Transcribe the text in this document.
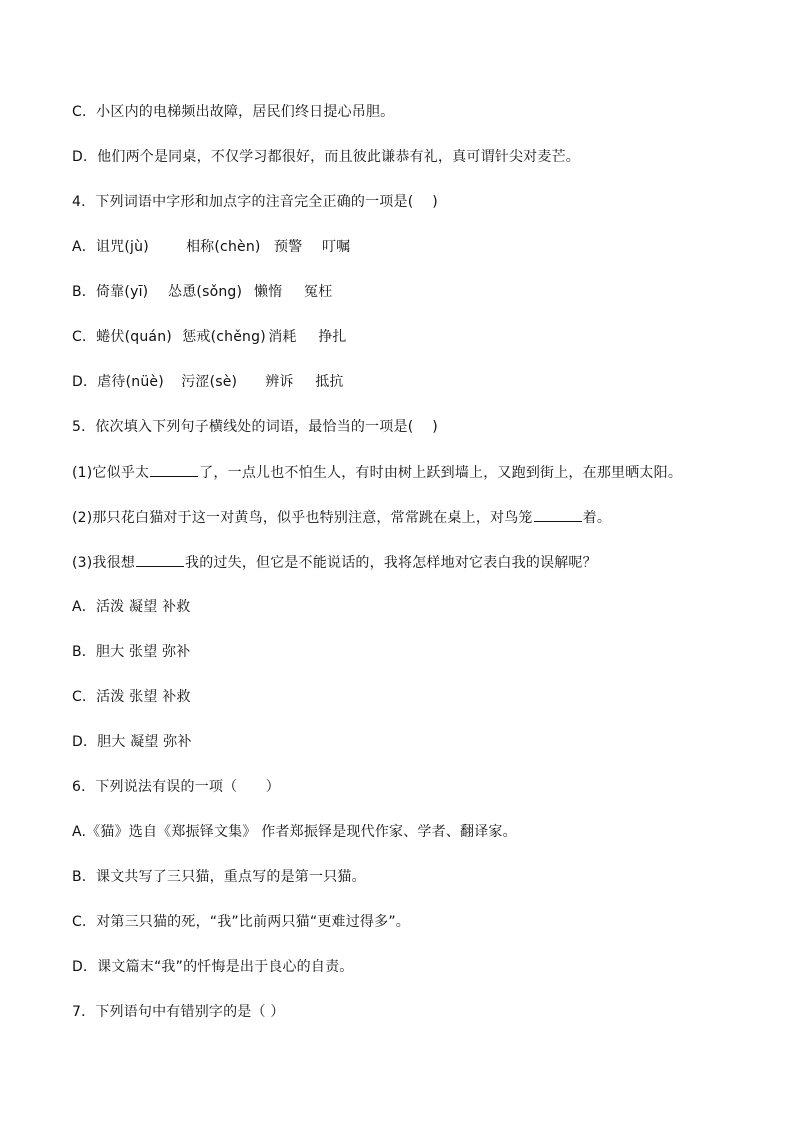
C．小区内的电梯频出故障，居民们终日提心吊胆。
D．他们两个是同桌，不仅学习都很好，而且彼此谦恭有礼，真可谓针尖对麦芒。
4．下列词语中字形和加点字的注音完全正确的一项是(　 )
A．诅咒(jù)	相称(chèn) 预警 叮嘱
B．倚靠(yī) 怂恿(sǒng) 懒惰 冤枉
C．蜷伏(quán) 惩戒(chěng) 消耗 挣扎
D．虐待(nüè) 污涩(sè) 辨诉 抵抗
5．依次填入下列句子横线处的词语，最恰当的一项是(　 )
(1)它似乎太	了，一点儿也不怕生人，有时由树上跃到墙上，又跑到街上，在那里晒太阳。
(2)那只花白猫对于这一对黄鸟，似乎也特别注意，常常跳在桌上，对鸟笼	着。
(3)我很想	我的过失，但它是不能说话的，我将怎样地对它表白我的误解呢？
A．活泼 凝望 补救
B．胆大 张望 弥补
C．活泼 张望 补救
D．胆大 凝望 弥补
6．下列说法有误的一项（　　）
A.《猫》选自《郑振铎文集》 作者郑振铎是现代作家、学者、翻译家。
B．课文共写了三只猫，重点写的是第一只猫。
C．对第三只猫的死，“我”比前两只猫“更难过得多”。
D．课文篇末“我”的忏悔是出于良心的自责。
7．下列语句中有错别字的是（ ）
